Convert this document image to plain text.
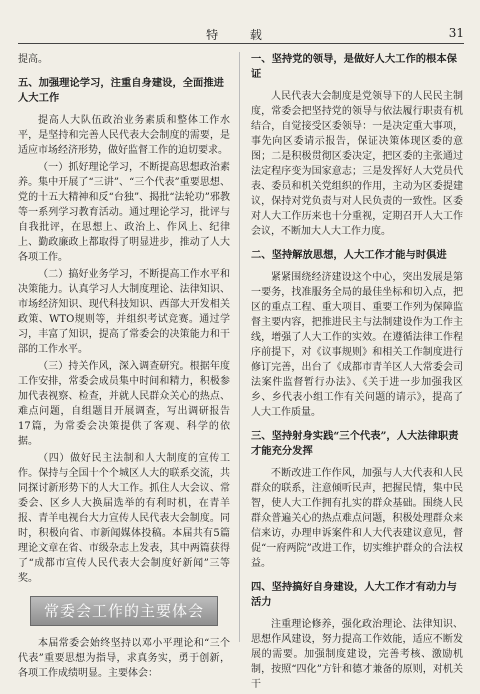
特 载	31

提高。

五、加强理论学习，注重自身建设，全面推进人大工作

提高人大队伍政治业务素质和整体工作水平，是坚持和完善人民代表大会制度的需要，是适应市场经济形势，做好监督工作的迫切要求。

（一）抓好理论学习，不断提高思想政治素养。集中开展了“三讲”、“三个代表”重要思想、党的十五大精神和反“台独”、揭批“法轮功”邪教等一系列学习教育活动。通过理论学习，批评与自我批评，在思想上、政治上、作风上、纪律上、勤政廉政上都取得了明显进步，推动了人大各项工作。

（二）搞好业务学习，不断提高工作水平和决策能力。认真学习人大制度理论、法律知识、市场经济知识、现代科技知识、西部大开发相关政策、WTO规则等，并组织考试竞赛。通过学习，丰富了知识，提高了常委会的决策能力和干部的工作水平。

（三）持关作风，深入调查研究。根据年度工作安排，常委会成员集中时间和精力，积极参加代表视察、检查，并就人民群众关心的热点、难点问题，自组题目开展调查，写出调研报告17篇，为常委会决策提供了客观、科学的依据。

（四）做好民主法制和人大制度的宣传工作。保持与全国十个个城区人大的联系交流，共同探讨新形势下的人大工作。抓住人大会议、常委会、区乡人大换届选举的有利时机，在青羊报、青羊电视台大力宣传人民代表大会制度。同时，积极向省、市新闻媒体投稿。本届共有5篇理论文章在省、市级杂志上发表，其中两篇获得了“成都市宣传人民代表大会制度好新闻”三等奖。

常委会工作的主要体会

本届常委会始终坚持以邓小平理论和“三个代表”重要思想为指导，求真务实，勇于创新，各项工作成绩明显。主要体会：

一、坚持党的领导，是做好人大工作的根本保证

人民代表大会制度是党领导下的人民民主制度，常委会把坚持党的领导与依法履行职责有机结合，自觉接受区委领导：一是决定重大事项，事先向区委请示报告，保证决策体现区委的意图；二是积极贯彻区委决定，把区委的主张通过法定程序变为国家意志；三是发挥好人大党员代表、委员和机关党组织的作用，主动为区委提建议，保持对党负责与对人民负责的一致性。区委对人大工作历来也十分重视，定期召开人大工作会议，不断加大人大工作力度。

二、坚持解放思想，人大工作才能与时俱进

紧紧围绕经济建设这个中心，突出发展是第一要务，找准服务全局的最佳坐标和切入点，把区的重点工程、重大项目、重要工作列为保障监督主要内容，把推进民主与法制建设作为工作主线，增强了人大工作的实效。在遵循法律工作程序前提下，对《议事规则》和相关工作制度进行修订完善，出台了《成都市青羊区人大常委会司法案件监督暂行办法》、《关于进一步加强我区乡、乡代表小组工作有关问题的请示》，提高了人大工作质量。

三、坚持射身实践“三个代表”，人大法律职责才能充分发挥

不断改进工作作风，加强与人大代表和人民群众的联系，注意倾听民声，把握民情，集中民智，使人大工作拥有扎实的群众基础。围绕人民群众普遍关心的热点难点问题，积极处理群众来信来访，办理申诉案件和人大代表建议意见，督促“一府两院”改进工作，切实维护群众的合法权益。

四、坚持搞好自身建设，人大工作才有动力与活力

注重理论修养，强化政治理论、法律知识、思想作风建设，努力提高工作效能，适应不断发展的需要。加强制度建设，完善考核、激励机制，按照“四化”方针和德才兼备的原则，对机关干
